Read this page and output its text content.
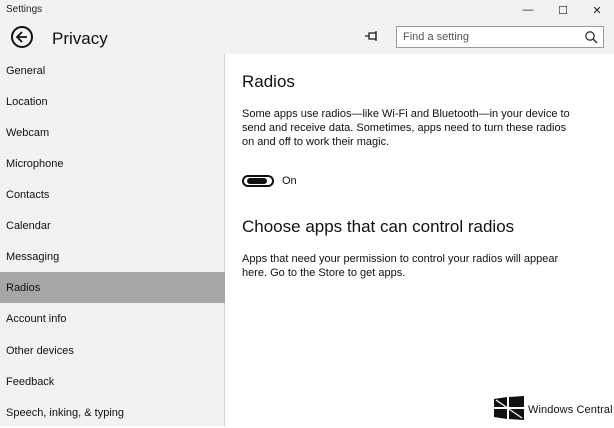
Settings	—	☐	✕
Privacy
Find a setting
General
Location
Webcam
Microphone
Contacts
Calendar
Messaging
Radios
Account info
Other devices
Feedback
Speech, inking, & typing
Radios
Some apps use radios—like Wi-Fi and Bluetooth—in your device to
send and receive data. Sometimes, apps need to turn these radios
on and off to work their magic.
On
Choose apps that can control radios
Apps that need your permission to control your radios will appear
here. Go to the Store to get apps.
Windows Central
